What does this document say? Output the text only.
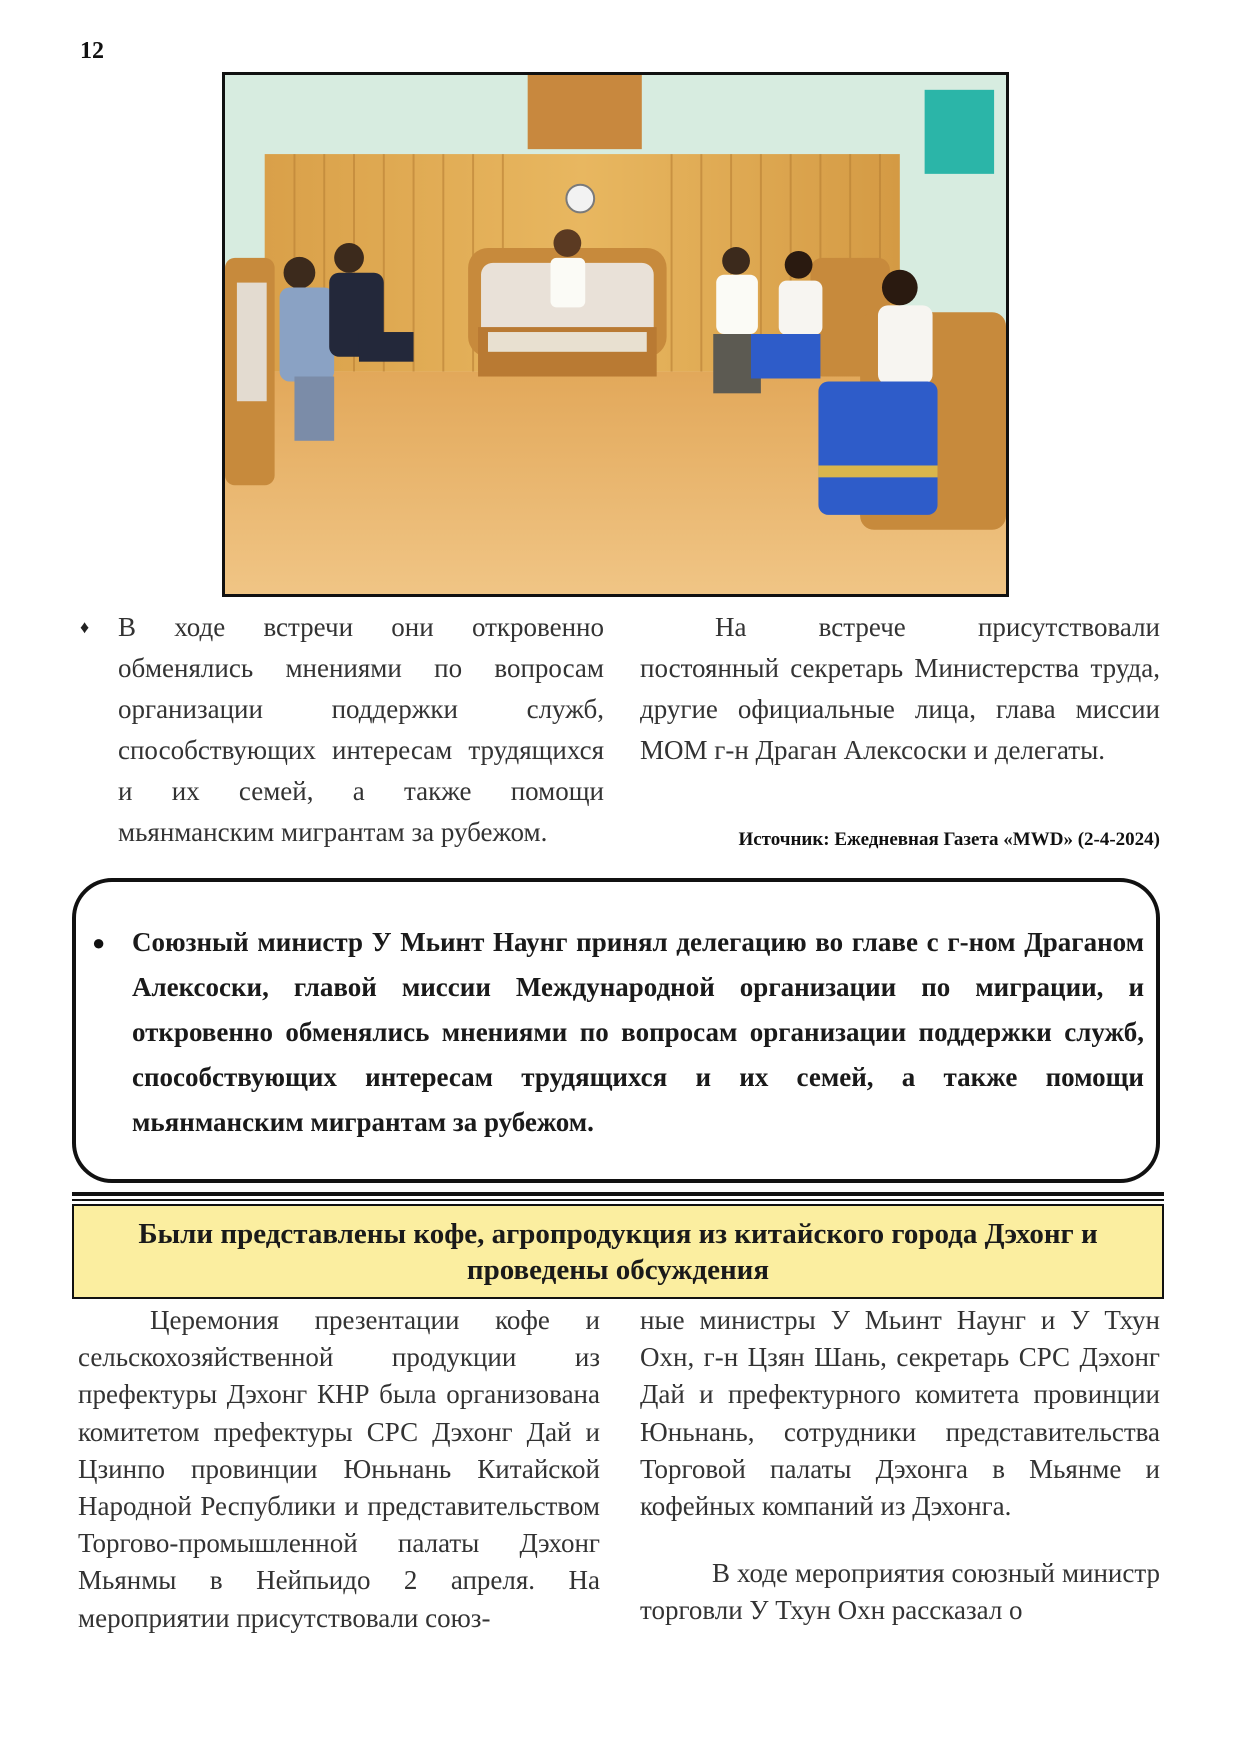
12
♦ В ходе встречи они откровенно обменялись мнениями по вопросам организации поддержки служб, способствующих интересам трудящихся и их семей, а также помощи мьянманским мигрантам за рубежом.
На встрече присутствовали постоянный секретарь Министерства труда, другие официальные лица, глава миссии МОМ г-н Драган Алексоски и делегаты.
Источник: Ежедневная Газета «MWD» (2-4-2024)
● Союзный министр У Мьинт Наунг принял делегацию во главе с г-ном Драганом Алексоски, главой миссии Международной организации по миграции, и откровенно обменялись мнениями по вопросам организации поддержки служб, способствующих интересам трудящихся и их семей, а также помощи мьянманским мигрантам за рубежом.
Были представлены кофе, агропродукция из китайского города Дэхонг и проведены обсуждения

Церемония презентации кофе и сельскохозяйственной продукции из префектуры Дэхонг КНР была организована комитетом префектуры СРС Дэхонг Дай и Цзинпо провинции Юньнань Китайской Народной Республики и представительством Торгово-промышленной палаты Дэхонг Мьянмы в Нейпьидо 2 апреля. На мероприятии присутствовали союз-

ные министры У Мьинт Наунг и У Тхун Охн, г-н Цзян Шань, секретарь СРС Дэхонг Дай и префектурного комитета провинции Юньнань, сотрудники представительства Торговой палаты Дэхонга в Мьянме и кофейных компаний из Дэхонга.

В ходе мероприятия союзный министр торговли У Тхун Охн рассказал о
